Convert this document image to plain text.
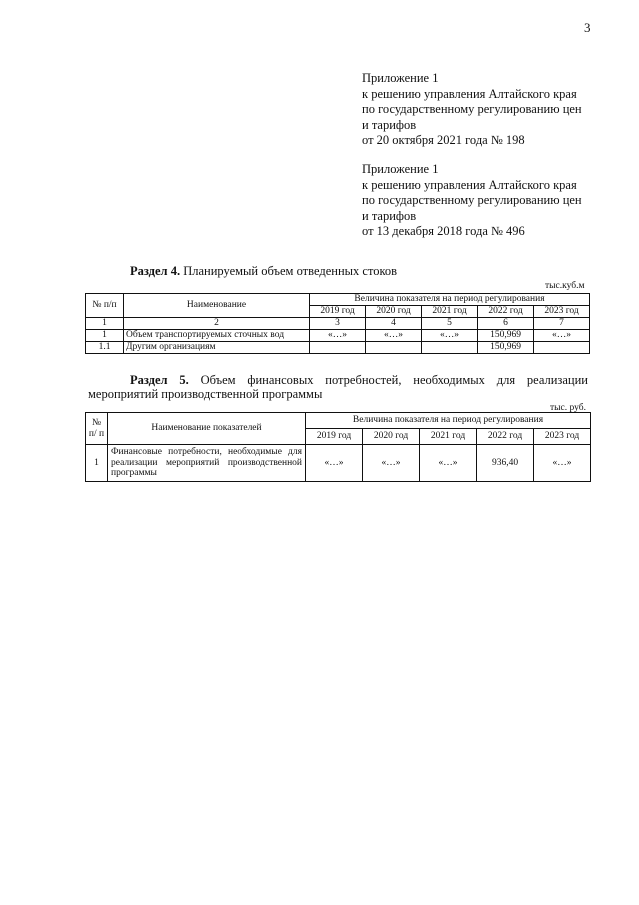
3
Приложение 1
к решению управления Алтайского края
по государственному регулированию цен
и тарифов
от 20 октября 2021 года № 198
Приложение 1
к решению управления Алтайского края
по государственному регулированию цен
и тарифов
от 13 декабря 2018 года № 496
Раздел 4. Планируемый объем отведенных стоков
тыс.куб.м
№ п/п	Наименование	Величина показателя на период регулирования				
		2019 год	2020 год	2021 год	2022 год	2023 год
1	2	3	4	5	6	7
1	Объем транспортируемых сточных вод	«…»	«…»	«…»	150,969	«…»
1.1	Другим организациям				150,969	
Раздел 5. Объем финансовых потребностей, необходимых для реализации мероприятий производственной программы
тыс. руб.
№ п/ п	Наименование показателей	Величина показателя на период регулирования				
		2019 год	2020 год	2021 год	2022 год	2023 год
1	Финансовые потребности, необходимые для реализации мероприятий производственной программы	«…»	«…»	«…»	936,40	«…»
